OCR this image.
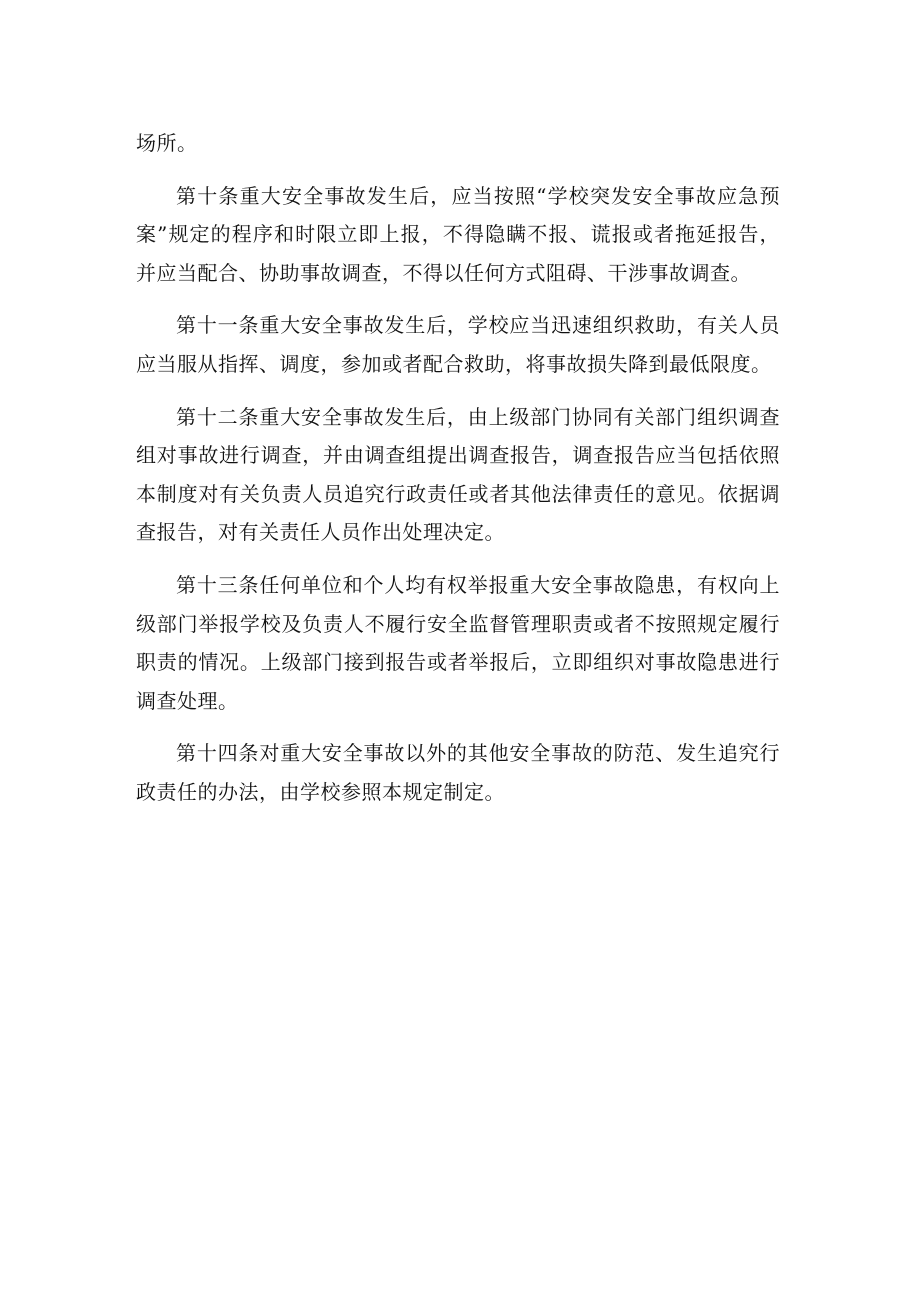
场所。

第十条重大安全事故发生后，应当按照“学校突发安全事故应急预案”规定的程序和时限立即上报，不得隐瞒不报、谎报或者拖延报告，并应当配合、协助事故调查，不得以任何方式阻碍、干涉事故调查。

第十一条重大安全事故发生后，学校应当迅速组织救助，有关人员应当服从指挥、调度，参加或者配合救助，将事故损失降到最低限度。

第十二条重大安全事故发生后，由上级部门协同有关部门组织调查组对事故进行调查，并由调查组提出调查报告，调查报告应当包括依照本制度对有关负责人员追究行政责任或者其他法律责任的意见。依据调查报告，对有关责任人员作出处理决定。

第十三条任何单位和个人均有权举报重大安全事故隐患，有权向上级部门举报学校及负责人不履行安全监督管理职责或者不按照规定履行职责的情况。上级部门接到报告或者举报后，立即组织对事故隐患进行调查处理。

第十四条对重大安全事故以外的其他安全事故的防范、发生追究行政责任的办法，由学校参照本规定制定。
